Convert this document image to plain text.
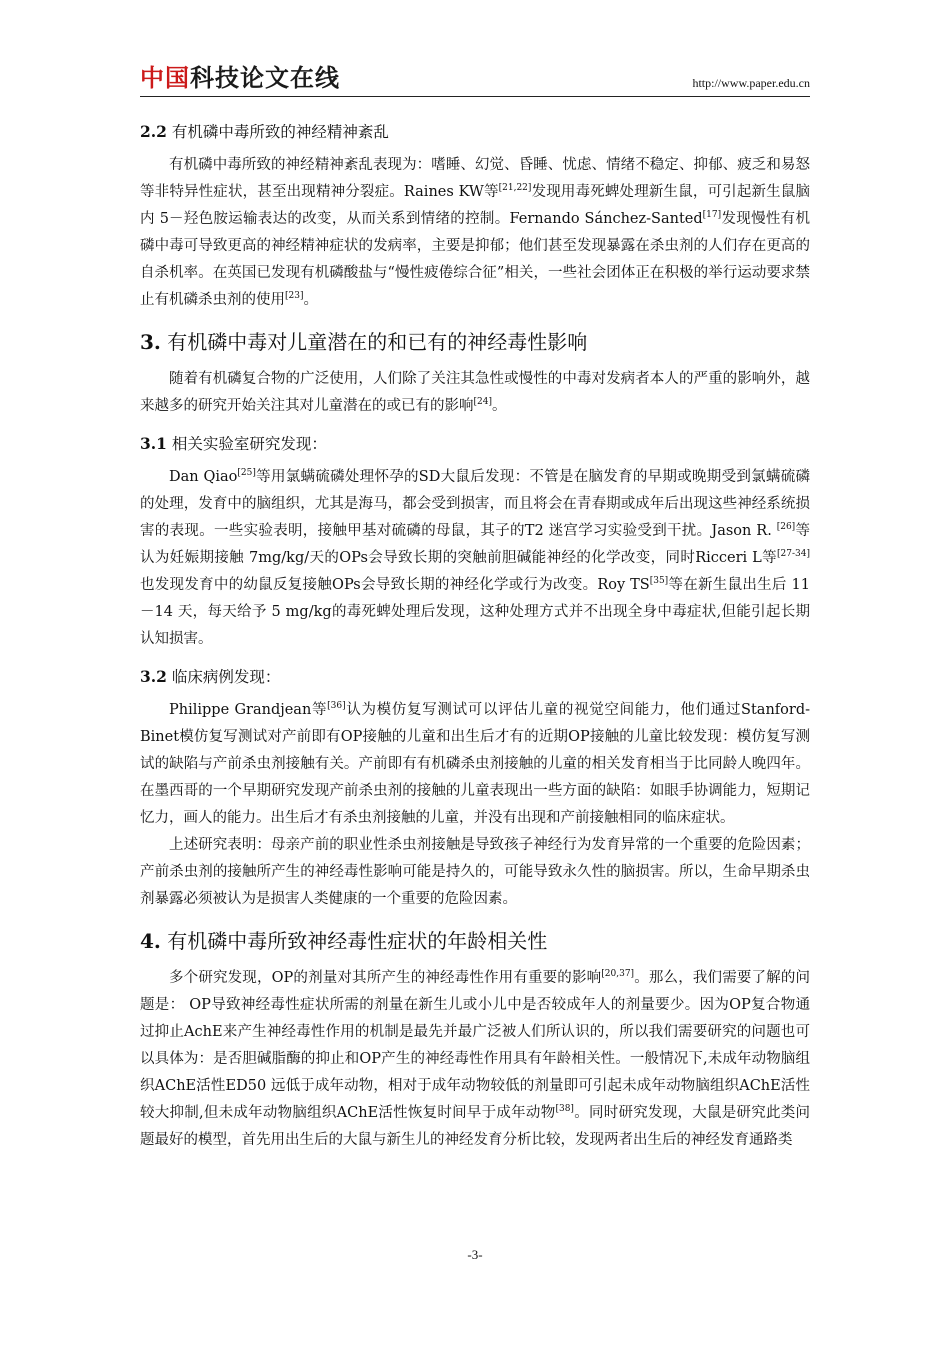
中国科技论文在线	http://www.paper.edu.cn
2.2 有机磷中毒所致的神经精神紊乱

有机磷中毒所致的神经精神紊乱表现为：嗜睡、幻觉、昏睡、忧虑、情绪不稳定、抑郁、疲乏和易怒等非特异性症状，甚至出现精神分裂症。Raines KW等[21,22]发现用毒死蜱处理新生鼠，可引起新生鼠脑内 5－羟色胺运输表达的改变，从而关系到情绪的控制。Fernando Sánchez-Santed[17]发现慢性有机磷中毒可导致更高的神经精神症状的发病率，主要是抑郁；他们甚至发现暴露在杀虫剂的人们存在更高的自杀机率。在英国已发现有机磷酸盐与“慢性疲倦综合征”相关，一些社会团体正在积极的举行运动要求禁止有机磷杀虫剂的使用[23]。

3. 有机磷中毒对儿童潜在的和已有的神经毒性影响

随着有机磷复合物的广泛使用，人们除了关注其急性或慢性的中毒对发病者本人的严重的影响外，越来越多的研究开始关注其对儿童潜在的或已有的影响[24]。

3.1 相关实验室研究发现：

Dan Qiao[25]等用氯螨硫磷处理怀孕的SD大鼠后发现：不管是在脑发育的早期或晚期受到氯螨硫磷的处理，发育中的脑组织，尤其是海马，都会受到损害，而且将会在青春期或成年后出现这些神经系统损害的表现。一些实验表明，接触甲基对硫磷的母鼠，其子的T2 迷宫学习实验受到干扰。Jason R. [26]等认为妊娠期接触 7mg/kg/天的OPs会导致长期的突触前胆碱能神经的化学改变，同时Ricceri L等[27-34]也发现发育中的幼鼠反复接触OPs会导致长期的神经化学或行为改变。Roy TS[35]等在新生鼠出生后 11－14 天，每天给予 5 mg/kg的毒死蜱处理后发现，这种处理方式并不出现全身中毒症状,但能引起长期认知损害。

3.2 临床病例发现：

Philippe Grandjean等[36]认为模仿复写测试可以评估儿童的视觉空间能力，他们通过Stanford-Binet模仿复写测试对产前即有OP接触的儿童和出生后才有的近期OP接触的儿童比较发现：模仿复写测试的缺陷与产前杀虫剂接触有关。产前即有有机磷杀虫剂接触的儿童的相关发育相当于比同龄人晚四年。在墨西哥的一个早期研究发现产前杀虫剂的接触的儿童表现出一些方面的缺陷：如眼手协调能力，短期记忆力，画人的能力。出生后才有杀虫剂接触的儿童，并没有出现和产前接触相同的临床症状。

上述研究表明：母亲产前的职业性杀虫剂接触是导致孩子神经行为发育异常的一个重要的危险因素；产前杀虫剂的接触所产生的神经毒性影响可能是持久的，可能导致永久性的脑损害。所以，生命早期杀虫剂暴露必须被认为是损害人类健康的一个重要的危险因素。

4. 有机磷中毒所致神经毒性症状的年龄相关性

多个研究发现，OP的剂量对其所产生的神经毒性作用有重要的影响[20,37]。那么，我们需要了解的问题是： OP导致神经毒性症状所需的剂量在新生儿或小儿中是否较成年人的剂量要少。因为OP复合物通过抑止AchE来产生神经毒性作用的机制是最先并最广泛被人们所认识的，所以我们需要研究的问题也可以具体为：是否胆碱脂酶的抑止和OP产生的神经毒性作用具有年龄相关性。一般情况下,未成年动物脑组织AChE活性ED50 远低于成年动物，相对于成年动物较低的剂量即可引起未成年动物脑组织AChE活性较大抑制,但未成年动物脑组织AChE活性恢复时间早于成年动物[38]。同时研究发现，大鼠是研究此类问题最好的模型，首先用出生后的大鼠与新生儿的神经发育分析比较，发现两者出生后的神经发育通路类

-3-
